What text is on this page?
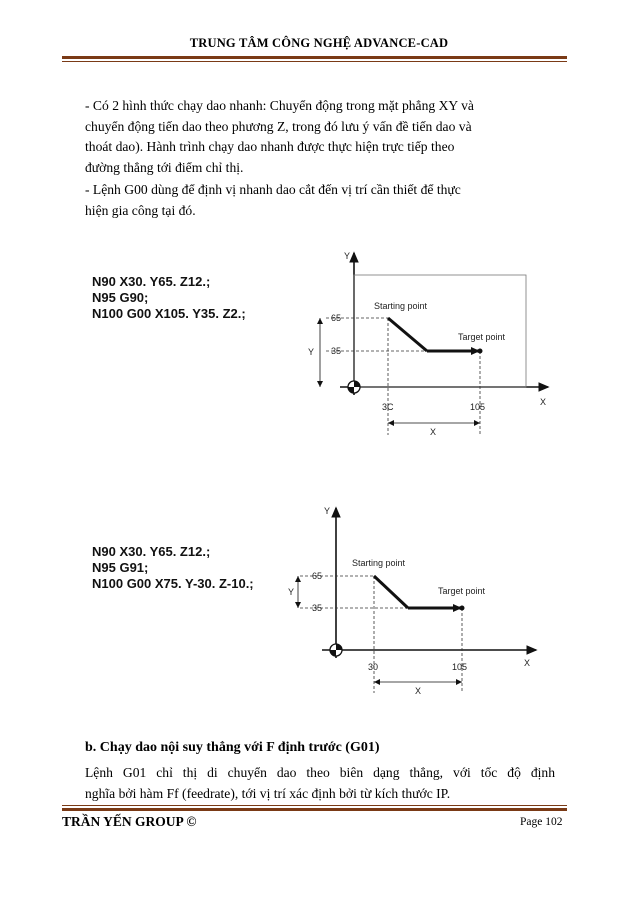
TRUNG TÂM CÔNG NGHỆ ADVANCE-CAD
- Có 2 hình thức chạy dao nhanh: Chuyển động trong mặt phẳng XY và
chuyển động tiến dao theo phương Z, trong đó lưu ý vấn đề tiến dao và
thoát dao). Hành trình chạy dao nhanh được thực hiện trực tiếp theo
đường thẳng tới điểm chỉ thị.
- Lệnh G00 dùng để định vị nhanh dao cắt đến vị trí cần thiết để thực
hiện gia công tại đó.
N90 X30. Y65. Z12.;
N95 G90;
N100 G00 X105. Y35. Z2.;
Y
X
Y
X
65
35
3C	105
Starting point
Target point
N90 X30. Y65. Z12.;
N95 G91;
N100 G00 X75. Y-30. Z-10.;
Y
X
Y
X
65
35
30	105
Starting point
Target point
b. Chạy dao nội suy thẳng với F định trước (G01)
Lệnh G01 chỉ thị di chuyển dao theo biên dạng thẳng, với tốc độ định
nghĩa bởi hàm Ff (feedrate), tới vị trí xác định bởi từ kích thước IP.
TRẦN YẾN GROUP ©	Page 102
